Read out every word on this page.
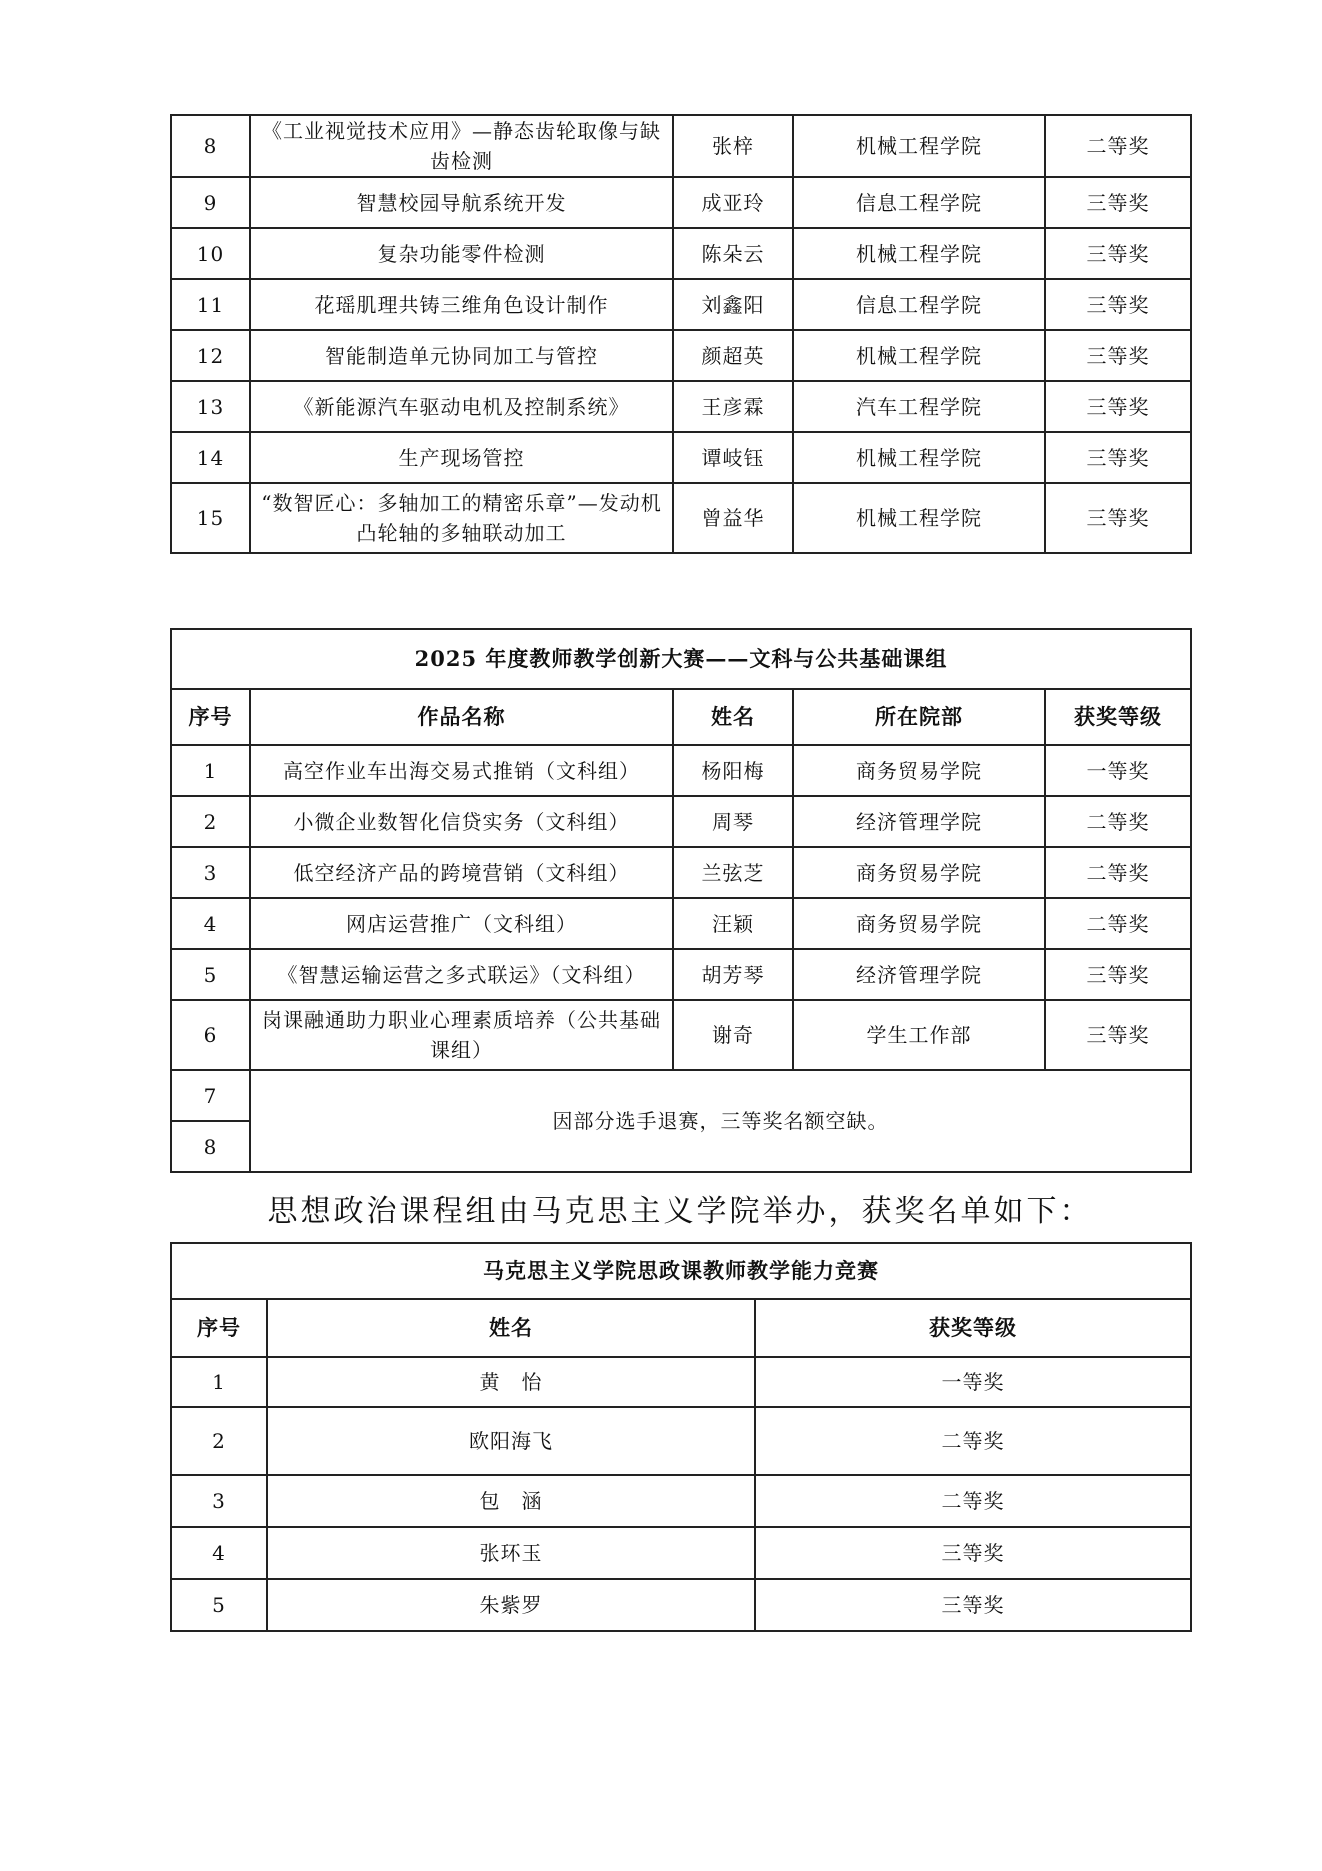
8	《工业视觉技术应用》—静态齿轮取像与缺齿检测	张梓	机械工程学院	二等奖
9	智慧校园导航系统开发	成亚玲	信息工程学院	三等奖
10	复杂功能零件检测	陈朵云	机械工程学院	三等奖
11	花瑶肌理共铸三维角色设计制作	刘鑫阳	信息工程学院	三等奖
12	智能制造单元协同加工与管控	颜超英	机械工程学院	三等奖
13	《新能源汽车驱动电机及控制系统》	王彦霖	汽车工程学院	三等奖
14	生产现场管控	谭岐钰	机械工程学院	三等奖
15	“数智匠心：多轴加工的精密乐章”—发动机凸轮轴的多轴联动加工	曾益华	机械工程学院	三等奖
2025 年度教师教学创新大赛——文科与公共基础课组				
序号	作品名称	姓名	所在院部	获奖等级
1	高空作业车出海交易式推销（文科组）	杨阳梅	商务贸易学院	一等奖
2	小微企业数智化信贷实务（文科组）	周琴	经济管理学院	二等奖
3	低空经济产品的跨境营销（文科组）	兰弦芝	商务贸易学院	二等奖
4	网店运营推广（文科组）	汪颖	商务贸易学院	二等奖
5	《智慧运输运营之多式联运》（文科组）	胡芳琴	经济管理学院	三等奖
6	岗课融通助力职业心理素质培养（公共基础课组）	谢奇	学生工作部	三等奖
7	因部分选手退赛，三等奖名额空缺。			
8				
思想政治课程组由马克思主义学院举办，获奖名单如下：
马克思主义学院思政课教师教学能力竞赛		
序号	姓名	获奖等级
1	黄　怡	一等奖
2	欧阳海飞	二等奖
3	包　涵	二等奖
4	张环玉	三等奖
5	朱紫罗	三等奖
